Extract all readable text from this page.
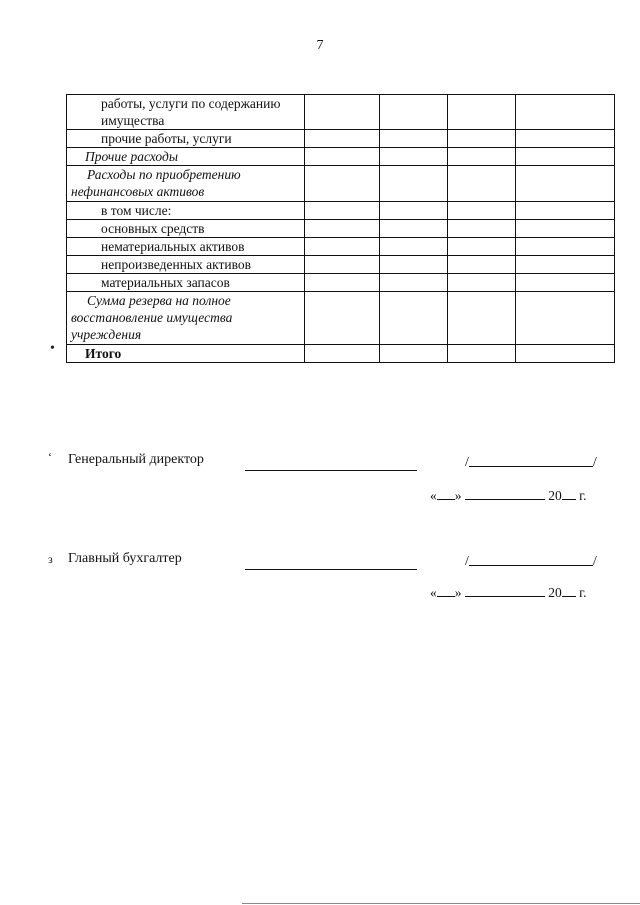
7
работы, услуги по содержанию имущества				

прочие работы, услуги				
Прочие расходы				

Расходы по приобретению нефинансовых активов				

в том числе:				
основных средств				
нематериальных активов				
непроизведенных активов				
материальных запасов				

Сумма резерва на полное восстановление имущества учреждения				

Итого				
•
‘
з
Генеральный директор	/	/
« »	20 г.
Главный бухгалтер	/	/
« »	20 г.
